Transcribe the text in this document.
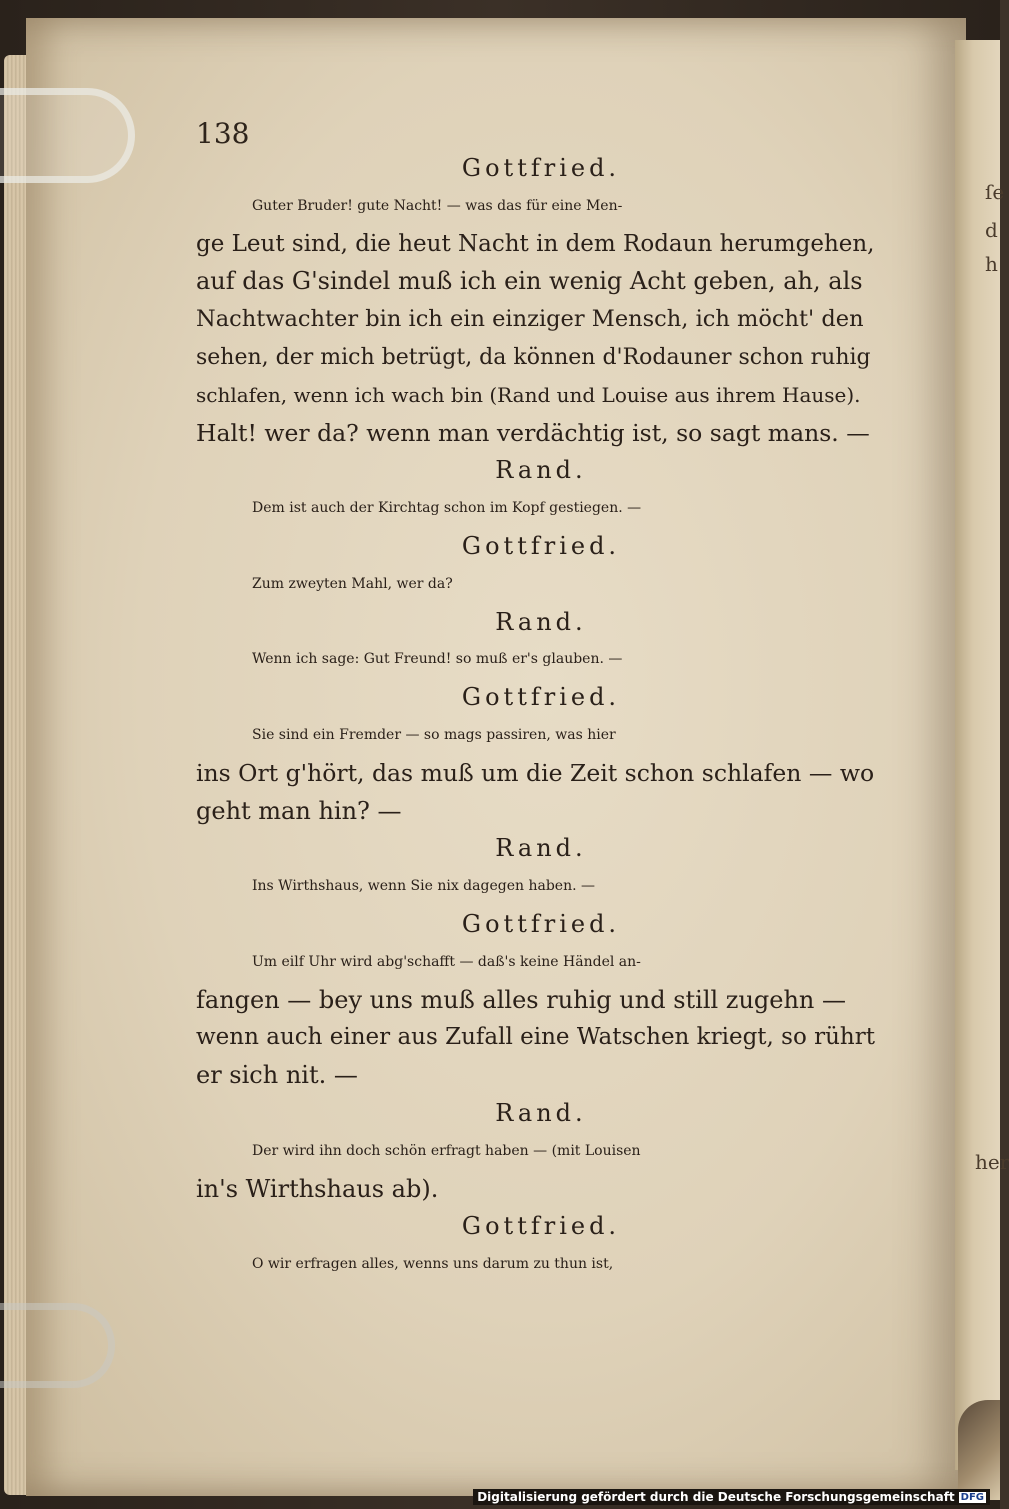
ſe
d
h
her
138
Gottfried.
Guter Bruder! gute Nacht! — was das für eine Men-
ge Leut sind, die heut Nacht in dem Rodaun herumgehen,
auf das G'sindel muß ich ein wenig Acht geben, ah, als
Nachtwachter bin ich ein einziger Mensch, ich möcht' den
sehen, der mich betrügt, da können d'Rodauner schon ruhig
schlafen, wenn ich wach bin (Rand und Louise aus ihrem Hause).
Halt! wer da? wenn man verdächtig ist, so sagt mans. —
Rand.
Dem ist auch der Kirchtag schon im Kopf gestiegen. —
Gottfried.
Zum zweyten Mahl, wer da?
Rand.
Wenn ich sage: Gut Freund! so muß er's glauben. —
Gottfried.
Sie sind ein Fremder — so mags passiren, was hier
ins Ort g'hört, das muß um die Zeit schon schlafen — wo
geht man hin? —
Rand.
Ins Wirthshaus, wenn Sie nix dagegen haben. —
Gottfried.
Um eilf Uhr wird abg'schafft — daß's keine Händel an-
fangen — bey uns muß alles ruhig und still zugehn —
wenn auch einer aus Zufall eine Watschen kriegt, so rührt
er sich nit. —
Rand.
Der wird ihn doch schön erfragt haben — (mit Louisen
in's Wirthshaus ab).
Gottfried.
O wir erfragen alles, wenns uns darum zu thun ist,
Digitalisierung gefördert durch die Deutsche Forschungsgemeinschaft DFG
